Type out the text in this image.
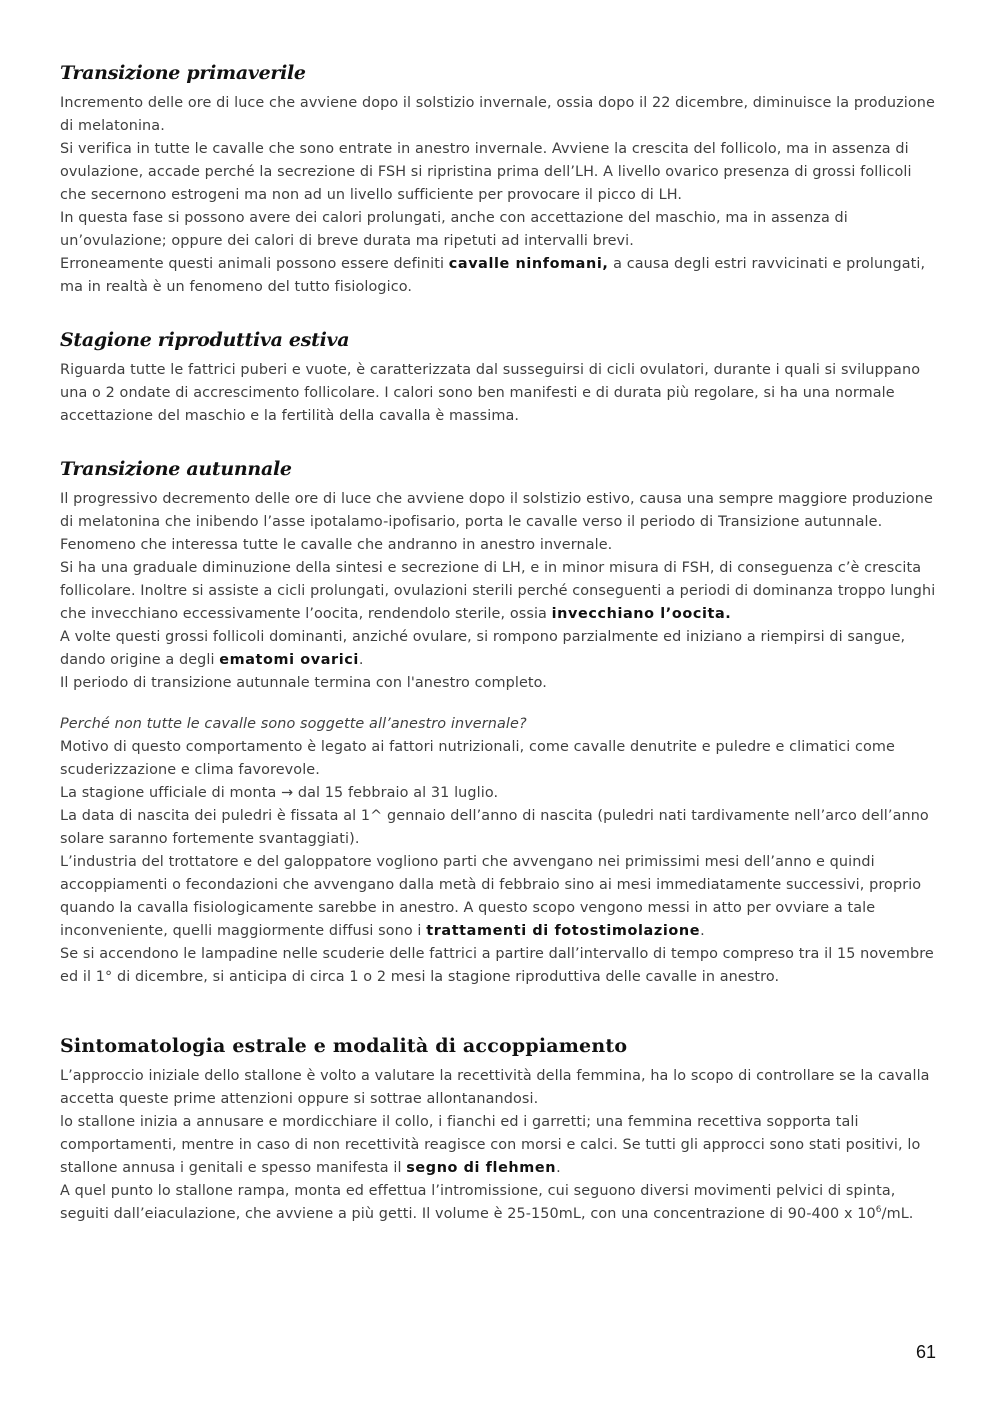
Transizione primaverile

Incremento delle ore di luce che avviene dopo il solstizio invernale, ossia dopo il 22 dicembre, diminuisce la produzione di melatonina.

Si verifica in tutte le cavalle che sono entrate in anestro invernale. Avviene la crescita del follicolo, ma in assenza di ovulazione, accade perché la secrezione di FSH si ripristina prima dell’LH. A livello ovarico presenza di grossi follicoli che secernono estrogeni ma non ad un livello sufficiente per provocare il picco di LH.

In questa fase si possono avere dei calori prolungati, anche con accettazione del maschio, ma in assenza di un’ovulazione; oppure dei calori di breve durata ma ripetuti ad intervalli brevi.

Erroneamente questi animali possono essere definiti cavalle ninfomani, a causa degli estri ravvicinati e prolungati, ma in realtà è un fenomeno del tutto fisiologico.

Stagione riproduttiva estiva

Riguarda tutte le fattrici puberi e vuote, è caratterizzata dal susseguirsi di cicli ovulatori, durante i quali si sviluppano una o 2 ondate di accrescimento follicolare. I calori sono ben manifesti e di durata più regolare, si ha una normale accettazione del maschio e la fertilità della cavalla è massima.

Transizione autunnale

Il progressivo decremento delle ore di luce che avviene dopo il solstizio estivo, causa una sempre maggiore produzione di melatonina che inibendo l’asse ipotalamo-ipofisario, porta le cavalle verso il periodo di Transizione autunnale. Fenomeno che interessa tutte le cavalle che andranno in anestro invernale.

Si ha una graduale diminuzione della sintesi e secrezione di LH, e in minor misura di FSH, di conseguenza c’è crescita follicolare. Inoltre si assiste a cicli prolungati, ovulazioni sterili perché conseguenti a periodi di dominanza troppo lunghi che invecchiano eccessivamente l’oocita, rendendolo sterile, ossia invecchiano l’oocita.

A volte questi grossi follicoli dominanti, anziché ovulare, si rompono parzialmente ed iniziano a riempirsi di sangue, dando origine a degli ematomi ovarici.

Il periodo di transizione autunnale termina con l'anestro completo.

Perché non tutte le cavalle sono soggette all’anestro invernale?

Motivo di questo comportamento è legato ai fattori nutrizionali, come cavalle denutrite e puledre e climatici come scuderizzazione e clima favorevole.

La stagione ufficiale di monta → dal 15 febbraio al 31 luglio.

La data di nascita dei puledri è fissata al 1^ gennaio dell’anno di nascita (puledri nati tardivamente nell’arco dell’anno solare saranno fortemente svantaggiati).

L’industria del trottatore e del galoppatore vogliono parti che avvengano nei primissimi mesi dell’anno e quindi accoppiamenti o fecondazioni che avvengano dalla metà di febbraio sino ai mesi immediatamente successivi, proprio quando la cavalla fisiologicamente sarebbe in anestro. A questo scopo vengono messi in atto per ovviare a tale inconveniente, quelli maggiormente diffusi sono i trattamenti di fotostimolazione.

Se si accendono le lampadine nelle scuderie delle fattrici a partire dall’intervallo di tempo compreso tra il 15 novembre ed il 1° di dicembre, si anticipa di circa 1 o 2 mesi la stagione riproduttiva delle cavalle in anestro.

Sintomatologia estrale e modalità di accoppiamento

L’approccio iniziale dello stallone è volto a valutare la recettività della femmina, ha lo scopo di controllare se la cavalla accetta queste prime attenzioni oppure si sottrae allontanandosi.

lo stallone inizia a annusare e mordicchiare il collo, i fianchi ed i garretti; una femmina recettiva sopporta tali comportamenti, mentre in caso di non recettività reagisce con morsi e calci. Se tutti gli approcci sono stati positivi, lo stallone annusa i genitali e spesso manifesta il segno di flehmen.

A quel punto lo stallone rampa, monta ed effettua l’intromissione, cui seguono diversi movimenti pelvici di spinta, seguiti dall’eiaculazione, che avviene a più getti. Il volume è 25-150mL, con una concentrazione di 90-400 x $10^6/mL$.

61
